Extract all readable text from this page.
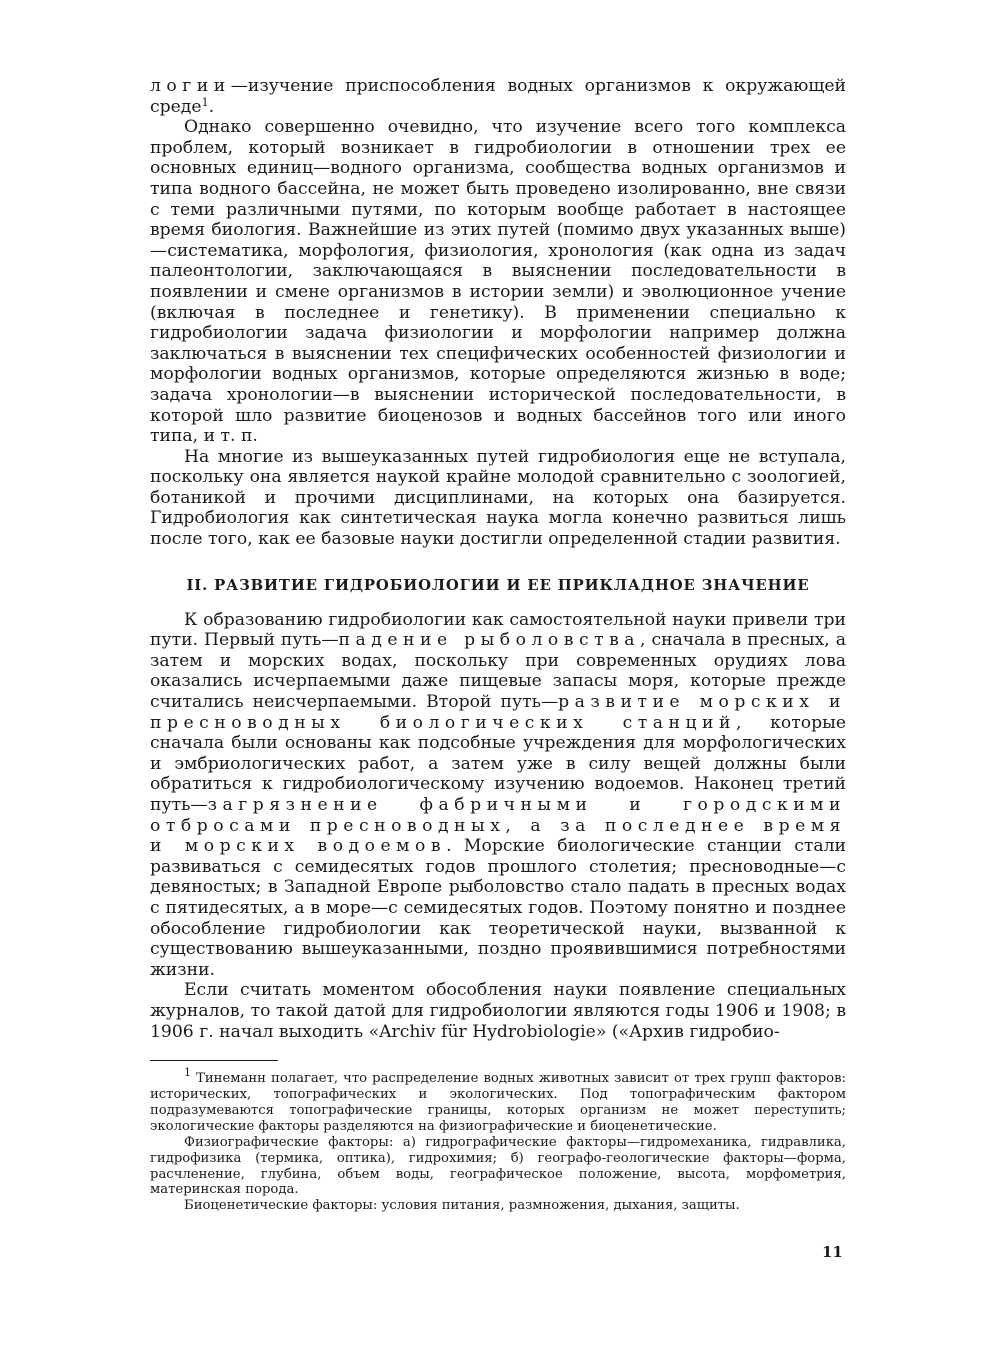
логии—изучение приспособления водных организмов к окружающей среде$^1$.

Однако совершенно очевидно, что изучение всего того комплекса проблем, который возникает в гидробиологии в отношении трех ее основных единиц—водного организма, сообщества водных организмов и типа водного бассейна, не может быть проведено изолированно, вне связи с теми различными путями, по которым вообще работает в настоящее время биология. Важнейшие из этих путей (помимо двух указанных выше)—систематика, морфология, физиология, хронология (как одна из задач палеонтологии, заключающаяся в выяснении последовательности в появлении и смене организмов в истории земли) и эволюционное учение (включая в последнее и генетику). В применении специально к гидробиологии задача физиологии и морфологии например должна заключаться в выяснении тех специфических особенностей физиологии и морфологии водных организмов, которые определяются жизнью в воде; задача хронологии—в выяснении исторической последовательности, в которой шло развитие биоценозов и водных бассейнов того или иного типа, и т. п.

На многие из вышеуказанных путей гидробиология еще не вступала, поскольку она является наукой крайне молодой сравнительно с зоологией, ботаникой и прочими дисциплинами, на которых она базируется. Гидробиология как синтетическая наука могла конечно развиться лишь после того, как ее базовые науки достигли определенной стадии развития.

II. РАЗВИТИЕ ГИДРОБИОЛОГИИ И ЕЕ ПРИКЛАДНОЕ ЗНАЧЕНИЕ

К образованию гидробиологии как самостоятельной науки привели три пути. Первый путь—падение рыболовства, сначала в пресных, а затем и морских водах, поскольку при современных орудиях лова оказались исчерпаемыми даже пищевые запасы моря, которые прежде считались неисчерпаемыми. Второй путь—развитие морских и пресноводных биологических станций, которые сначала были основаны как подсобные учреждения для морфологических и эмбриологических работ, а затем уже в силу вещей должны были обратиться к гидробиологическому изучению водоемов. Наконец третий путь—загрязнение фабричными и городскими отбросами пресноводных, а за последнее время и морских водоемов. Морские биологические станции стали развиваться с семидесятых годов прошлого столетия; пресноводные—с девяностых; в Западной Европе рыболовство стало падать в пресных водах с пятидесятых, а в море—с семидесятых годов. Поэтому понятно и позднее обособление гидробиологии как теоретической науки, вызванной к существованию вышеуказанными, поздно проявившимися потребностями жизни.

Если считать моментом обособления науки появление специальных журналов, то такой датой для гидробиологии являются годы 1906 и 1908; в 1906 г. начал выходить «Archiv für Hydrobiologie» («Архив гидробио-

$^1$ Тинеманн полагает, что распределение водных животных зависит от трех групп факторов: исторических, топографических и экологических. Под топографическим фактором подразумеваются топографические границы, которых организм не может переступить; экологические факторы разделяются на физиографические и биоценетические.

Физиографические факторы: а) гидрографические факторы—гидромеханика, гидравлика, гидрофизика (термика, оптика), гидрохимия; б) географо-геологические факторы—форма, расчленение, глубина, объем воды, географическое положение, высота, морфометрия, материнская порода.

Биоценетические факторы: условия питания, размножения, дыхания, защиты.

11
